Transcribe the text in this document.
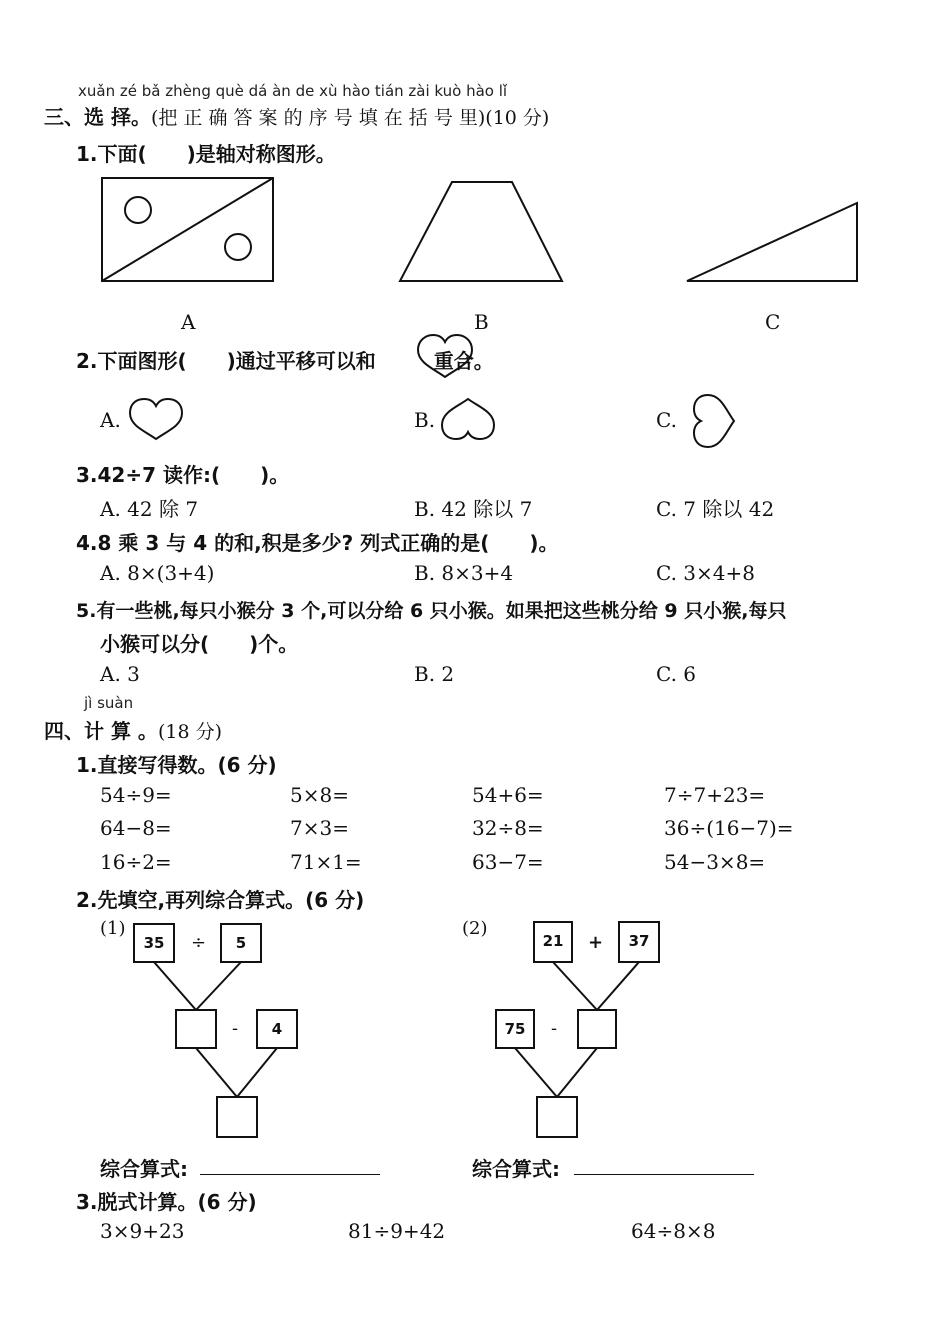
xuǎn zé bǎ zhèng què dá àn de xù hào tián zài kuò hào lǐ
三、选 择。(把 正 确 答 案 的 序 号 填 在 括 号 里)(10 分)
1.下面(　　)是轴对称图形。
A	B	C
2.下面图形(　　)通过平移可以和	重合。
A.	B.	C.
3.42÷7 读作:(　　)。
A. 42 除 7	B. 42 除以 7	C. 7 除以 42
4.8 乘 3 与 4 的和,积是多少? 列式正确的是(　　)。
A. 8×(3+4)	B. 8×3+4	C. 3×4+8
5.有一些桃,每只小猴分 3 个,可以分给 6 只小猴。如果把这些桃分给 9 只小猴,每只
小猴可以分(　　)个。
A. 3	B. 2	C. 6
jì suàn
四、计 算 。(18 分)
1.直接写得数。(6 分)
54÷9=	5×8=	54+6=	7÷7+23=
64−8=	7×3=	32÷8=	36÷(16−7)=
16÷2=	71×1=	63−7=	54−3×8=
2.先填空,再列综合算式。(6 分)
(1)
35	÷	5
-	4
(2)
21	+	37
75	-
综合算式:	综合算式:
3.脱式计算。(6 分)
3×9+23	81÷9+42	64÷8×8
